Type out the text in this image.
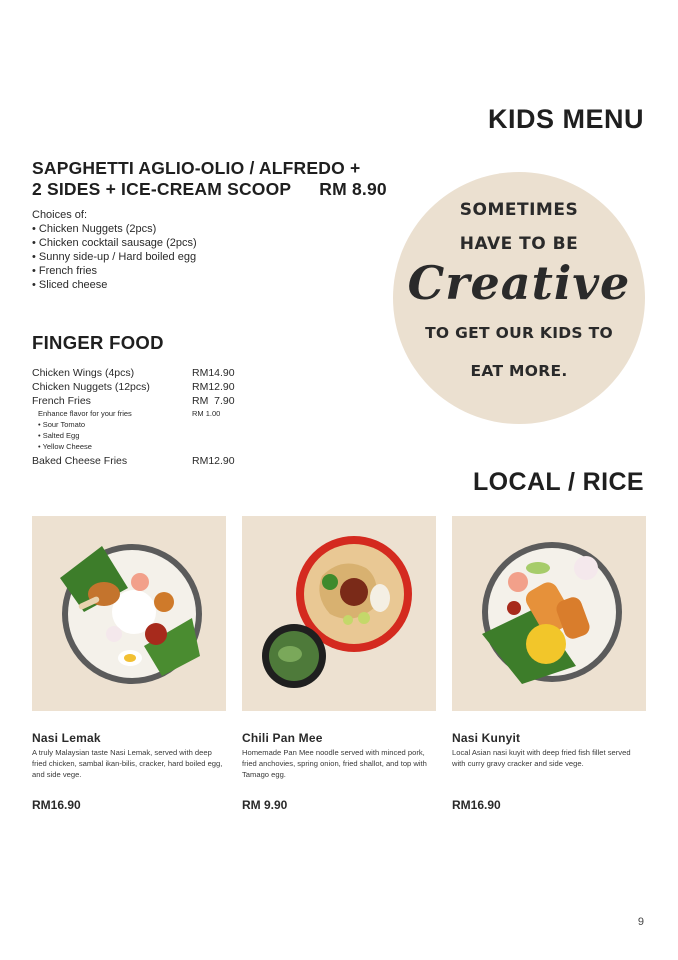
KIDS MENU
SAPGHETTI AGLIO-OLIO / ALFREDO +
2 SIDES + ICE-CREAM SCOOP RM 8.90
Choices of:
• Chicken Nuggets (2pcs)
• Chicken cocktail sausage (2pcs)
• Sunny side-up / Hard boiled egg
• French fries
• Sliced cheese
FINGER FOOD
Chicken Wings (4pcs)	RM14.90
Chicken Nuggets (12pcs)	RM12.90
French Fries	RM  7.90
Enhance flavor for your fries	RM 1.00
• Sour Tomato
• Salted Egg
• Yellow Cheese
Baked Cheese Fries	RM12.90
SOMETIMES
HAVE TO BE
Creative
TO GET OUR KIDS TO
EAT MORE.
LOCAL / RICE
Nasi Lemak
A truly Malaysian taste Nasi Lemak, served with deep fried chicken, sambal ikan-bilis, cracker, hard boiled egg, and side vege.
RM16.90
Chili Pan Mee
Homemade Pan Mee noodle served with minced pork, fried anchovies, spring onion, fried shallot, and top with Tamago egg.
RM 9.90
Nasi Kunyit
Local Asian nasi kuyit with deep fried fish fillet served with curry gravy cracker and side vege.
RM16.90
9
